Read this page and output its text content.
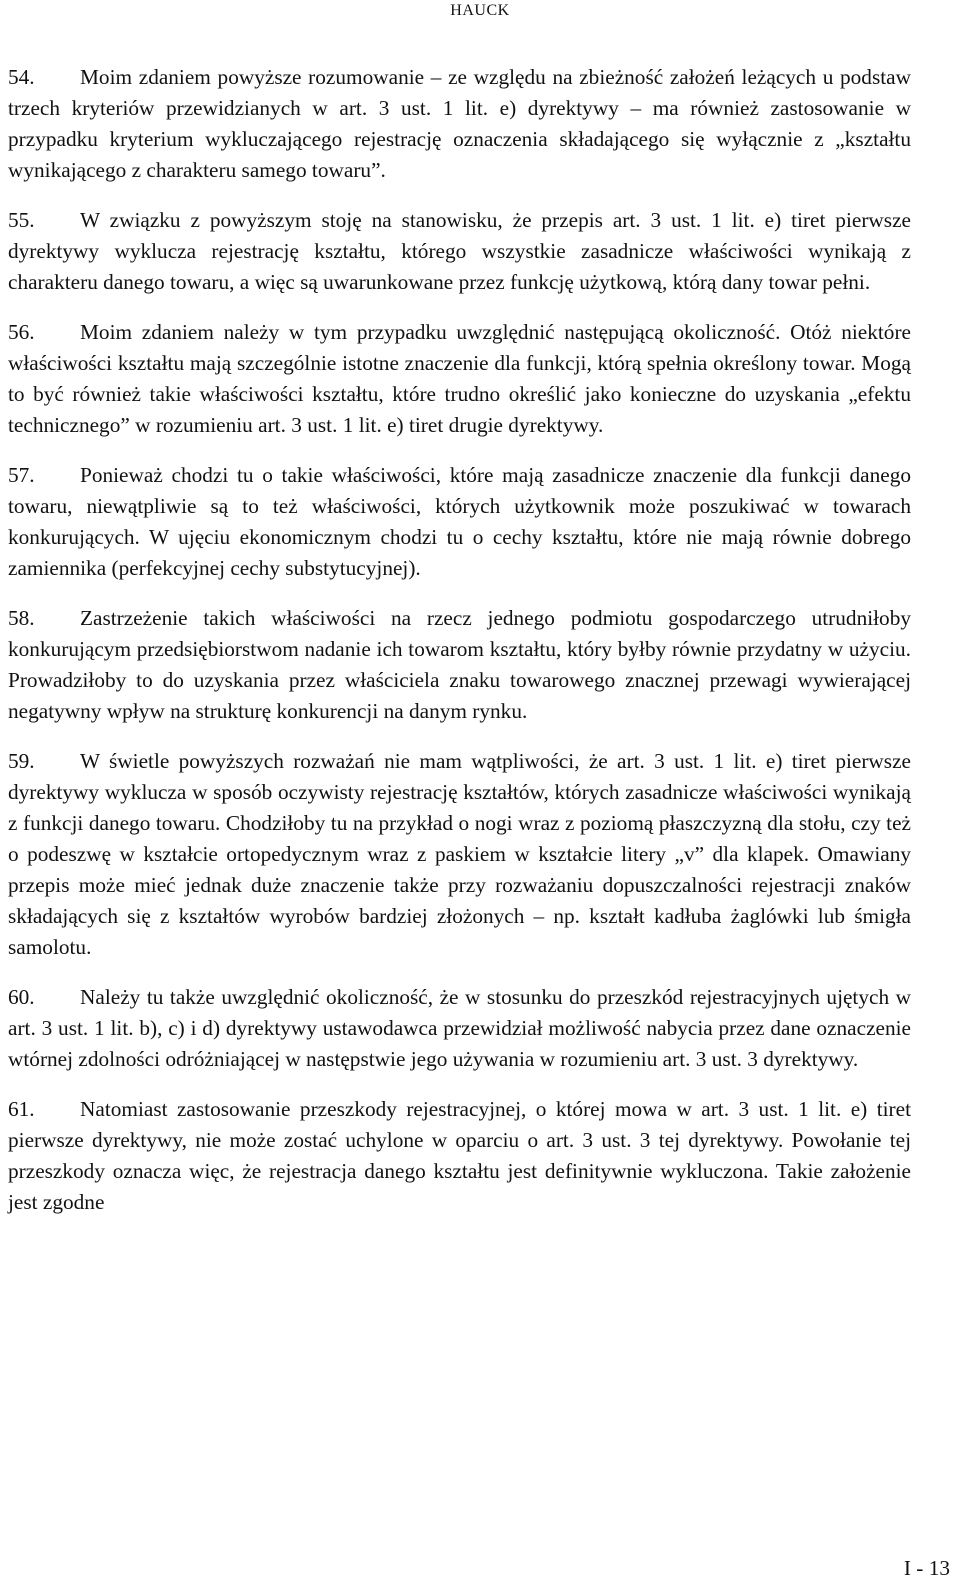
HAUCK

54. Moim zdaniem powyższe rozumowanie – ze względu na zbieżność założeń leżących u podstaw trzech kryteriów przewidzianych w art. 3 ust. 1 lit. e) dyrektywy – ma również zastosowanie w przypadku kryterium wykluczającego rejestrację oznaczenia składającego się wyłącznie z „kształtu wynikającego z charakteru samego towaru”.

55. W związku z powyższym stoję na stanowisku, że przepis art. 3 ust. 1 lit. e) tiret pierwsze dyrektywy wyklucza rejestrację kształtu, którego wszystkie zasadnicze właściwości wynikają z charakteru danego towaru, a więc są uwarunkowane przez funkcję użytkową, którą dany towar pełni.

56. Moim zdaniem należy w tym przypadku uwzględnić następującą okoliczność. Otóż niektóre właściwości kształtu mają szczególnie istotne znaczenie dla funkcji, którą spełnia określony towar. Mogą to być również takie właściwości kształtu, które trudno określić jako konieczne do uzyskania „efektu technicznego” w rozumieniu art. 3 ust. 1 lit. e) tiret drugie dyrektywy.

57. Ponieważ chodzi tu o takie właściwości, które mają zasadnicze znaczenie dla funkcji danego towaru, niewątpliwie są to też właściwości, których użytkownik może poszukiwać w towarach konkurujących. W ujęciu ekonomicznym chodzi tu o cechy kształtu, które nie mają równie dobrego zamiennika (perfekcyjnej cechy substytucyjnej).

58. Zastrzeżenie takich właściwości na rzecz jednego podmiotu gospodarczego utrudniłoby konkurującym przedsiębiorstwom nadanie ich towarom kształtu, który byłby równie przydatny w użyciu. Prowadziłoby to do uzyskania przez właściciela znaku towarowego znacznej przewagi wywierającej negatywny wpływ na strukturę konkurencji na danym rynku.

59. W świetle powyższych rozważań nie mam wątpliwości, że art. 3 ust. 1 lit. e) tiret pierwsze dyrektywy wyklucza w sposób oczywisty rejestrację kształtów, których zasadnicze właściwości wynikają z funkcji danego towaru. Chodziłoby tu na przykład o nogi wraz z poziomą płaszczyzną dla stołu, czy też o podeszwę w kształcie ortopedycznym wraz z paskiem w kształcie litery „v” dla klapek. Omawiany przepis może mieć jednak duże znaczenie także przy rozważaniu dopuszczalności rejestracji znaków składających się z kształtów wyrobów bardziej złożonych – np. kształt kadłuba żaglówki lub śmigła samolotu.

60. Należy tu także uwzględnić okoliczność, że w stosunku do przeszkód rejestracyjnych ujętych w art. 3 ust. 1 lit. b), c) i d) dyrektywy ustawodawca przewidział możliwość nabycia przez dane oznaczenie wtórnej zdolności odróżniającej w następstwie jego używania w rozumieniu art. 3 ust. 3 dyrektywy.

61. Natomiast zastosowanie przeszkody rejestracyjnej, o której mowa w art. 3 ust. 1 lit. e) tiret pierwsze dyrektywy, nie może zostać uchylone w oparciu o art. 3 ust. 3 tej dyrektywy. Powołanie tej przeszkody oznacza więc, że rejestracja danego kształtu jest definitywnie wykluczona. Takie założenie jest zgodne

I - 13
